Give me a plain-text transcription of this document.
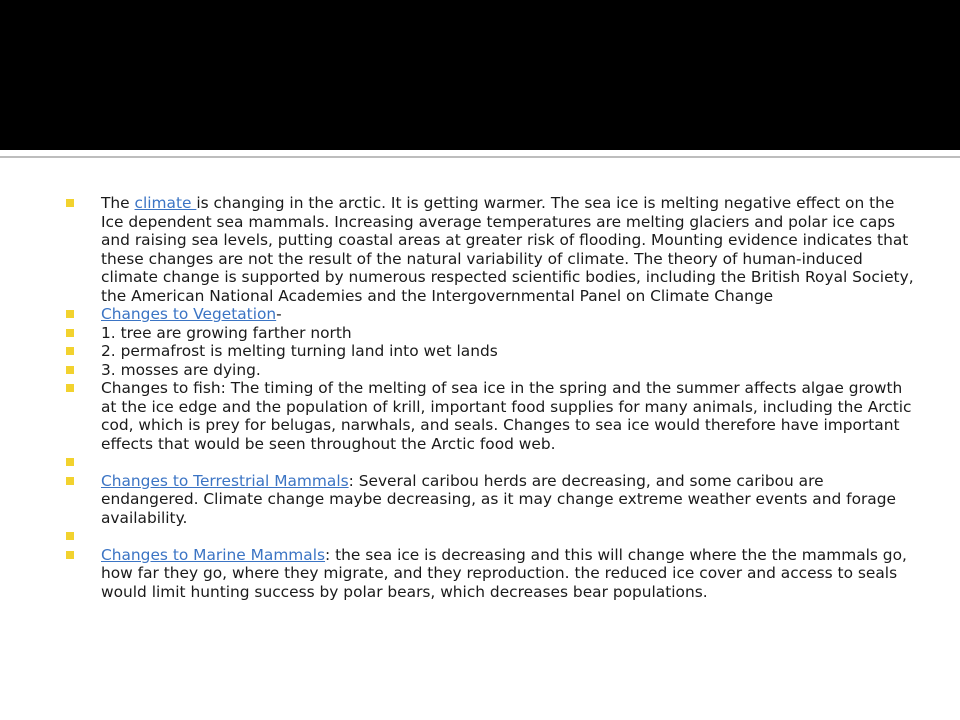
The climate is changing in the arctic. It is getting warmer. The sea ice is melting negative effect on the Ice dependent sea mammals. Increasing average temperatures are melting glaciers and polar ice caps and raising sea levels, putting coastal areas at greater risk of flooding. Mounting evidence indicates that these changes are not the result of the natural variability of climate. The theory of human-induced climate change is supported by numerous respected scientific bodies, including the British Royal Society, the American National Academies and the Intergovernmental Panel on Climate Change
Changes to Vegetation-
1. tree are growing farther north
2. permafrost is melting turning land into wet lands
3. mosses are dying.
Changes to fish: The timing of the melting of sea ice in the spring and the summer affects algae growth at the ice edge and the population of krill, important food supplies for many animals, including the Arctic cod, which is prey for belugas, narwhals, and seals. Changes to sea ice would therefore have important effects that would be seen throughout the Arctic food web.
Changes to Terrestrial Mammals: Several caribou herds are decreasing, and some caribou are endangered. Climate change maybe decreasing, as it may change extreme weather events and forage availability.
Changes to Marine Mammals: the sea ice is decreasing and this will change where the the mammals go, how far they go, where they migrate, and they reproduction. the reduced ice cover and access to seals would limit hunting success by polar bears, which decreases bear populations.
